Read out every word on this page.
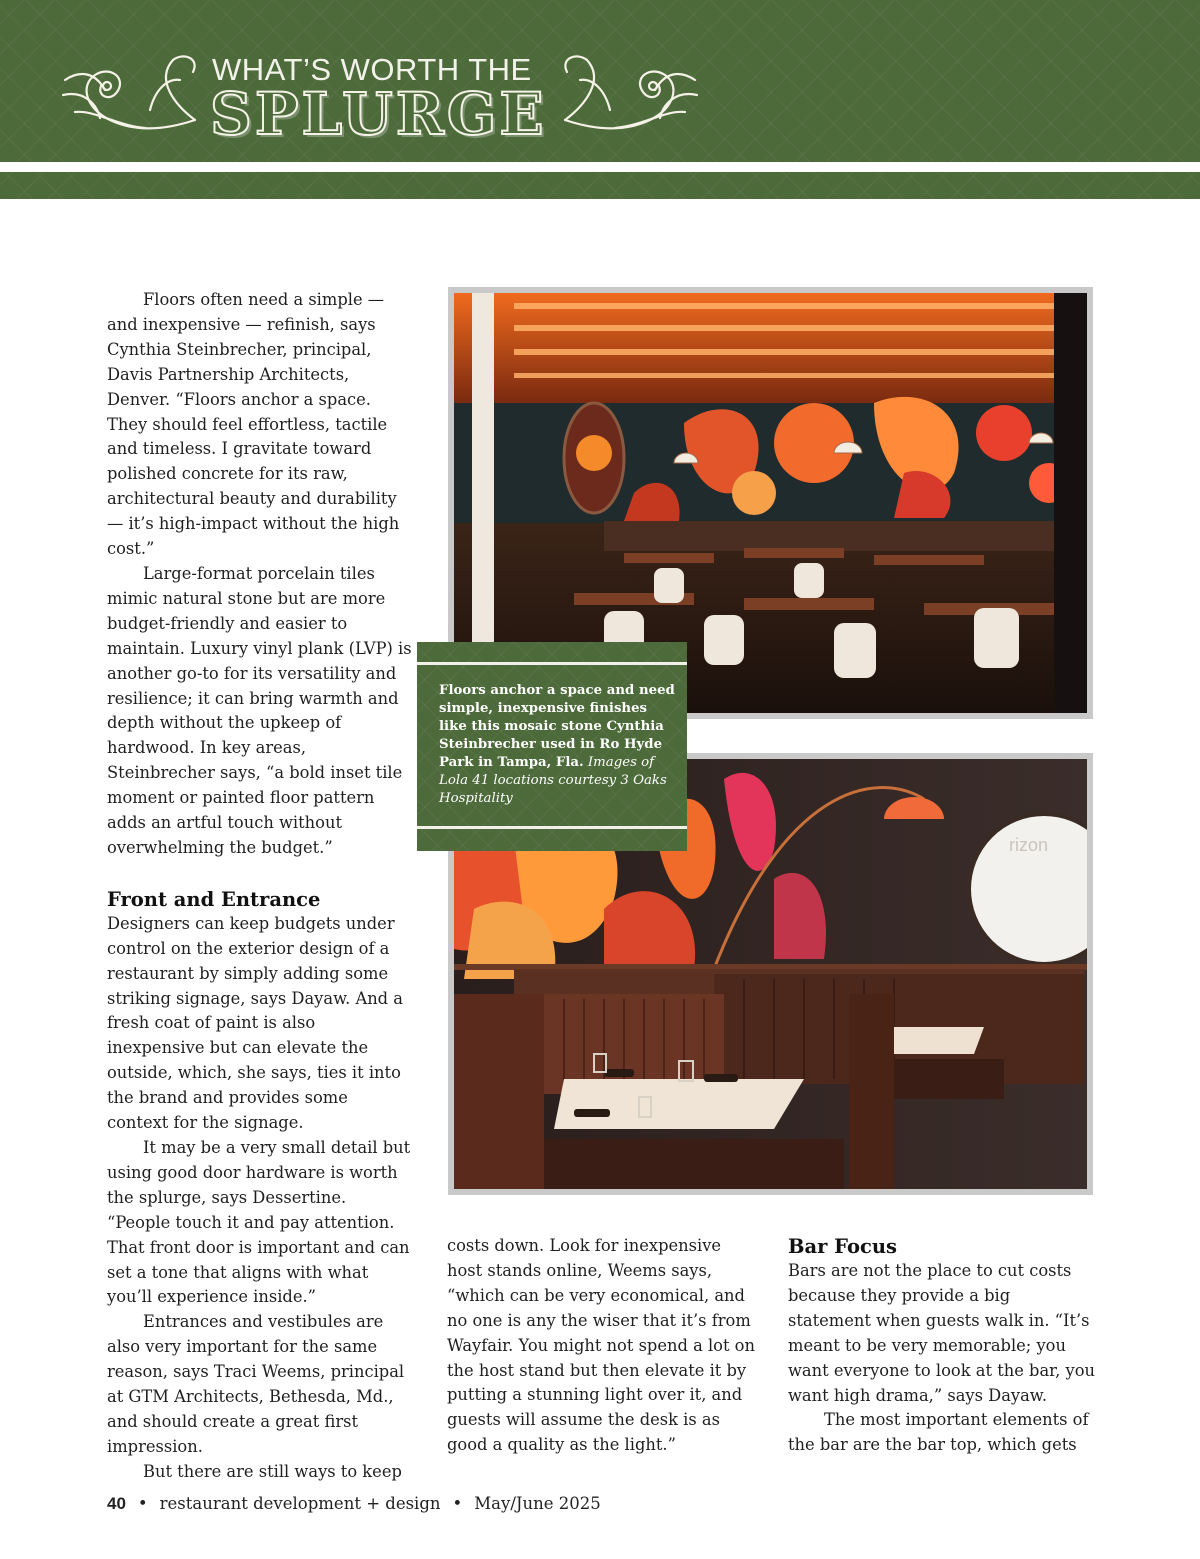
WHAT’S WORTH THE
SPLURGE

Floors often need a simple — and inexpensive — refinish, says Cynthia Steinbrecher, principal, Davis Partnership Architects, Denver. “Floors anchor a space. They should feel effortless, tactile and timeless. I gravitate toward polished concrete for its raw, architectural beauty and durability — it’s high-impact without the high cost.”

Large-format porcelain tiles mimic natural stone but are more budget-friendly and easier to maintain. Luxury vinyl plank (LVP) is another go-to for its versatility and resilience; it can bring warmth and depth without the upkeep of hardwood. In key areas, Steinbrecher says, “a bold inset tile moment or painted floor pattern adds an artful touch without overwhelming the budget.”

Front and Entrance

Designers can keep budgets under control on the exterior design of a restaurant by simply adding some striking signage, says Dayaw. And a fresh coat of paint is also inexpensive but can elevate the outside, which, she says, ties it into the brand and provides some context for the signage.

It may be a very small detail but using good door hardware is worth the splurge, says Dessertine. “People touch it and pay attention. That front door is important and can set a tone that aligns with what you’ll experience inside.”

Entrances and vestibules are also very important for the same reason, says Traci Weems, principal at GTM Architects, Bethesda, Md., and should create a great first impression.

But there are still ways to keep

rizon
Floors anchor a space and need simple, inexpensive finishes like this mosaic stone Cynthia Steinbrecher used in Ro Hyde Park in Tampa, Fla. Images of Lola 41 locations courtesy 3 Oaks Hospitality

costs down. Look for inexpensive host stands online, Weems says, “which can be very economical, and no one is any the wiser that it’s from Wayfair. You might not spend a lot on the host stand but then elevate it by putting a stunning light over it, and guests will assume the desk is as good a quality as the light.”

Bar Focus

Bars are not the place to cut costs because they provide a big statement when guests walk in. “It’s meant to be very memorable; you want everyone to look at the bar, you want high drama,” says Dayaw.

The most important elements of the bar are the bar top, which gets

40 • restaurant development + design • May/June 2025
